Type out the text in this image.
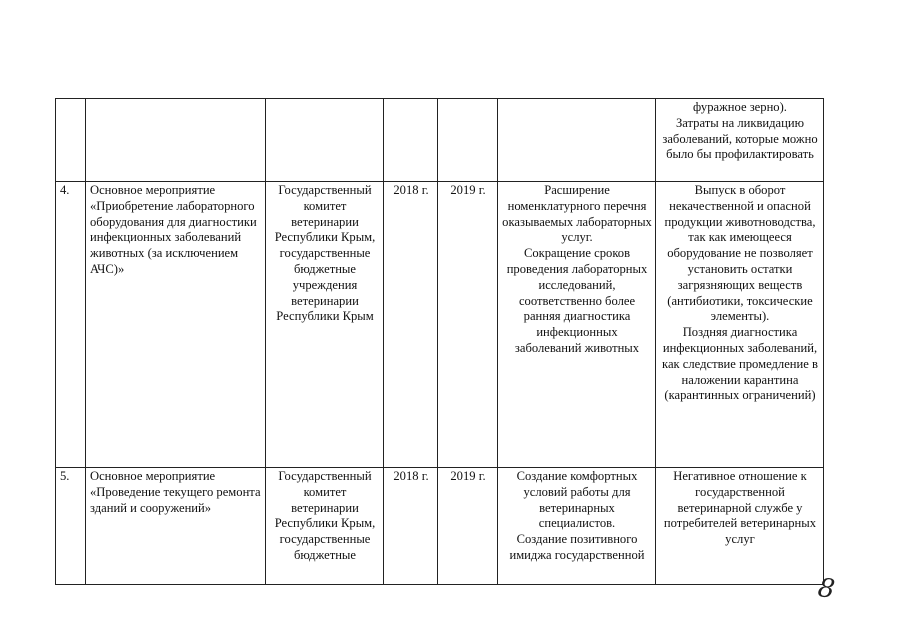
						фуражное зерно).
Затраты на ликвидацию заболеваний, которые можно было бы профилактировать
4.	Основное мероприятие
«Приобретение лабораторного оборудования для диагностики инфекционных заболеваний животных (за исключением АЧС)»	Государственный комитет ветеринарии Республики Крым, государственные бюджетные учреждения ветеринарии Республики Крым	2018 г.	2019 г.	Расширение номенклатурного перечня оказываемых лабораторных услуг.
Сокращение сроков проведения лабораторных исследований, соответственно более ранняя диагностика инфекционных заболеваний животных	Выпуск в оборот некачественной и опасной продукции животноводства, так как имеющееся оборудование не позволяет установить остатки загрязняющих веществ (антибиотики, токсические элементы).
Поздняя диагностика инфекционных заболеваний, как следствие промедление в наложении карантина (карантинных ограничений)
5.	Основное мероприятие
«Проведение текущего ремонта зданий и сооружений»	Государственный комитет ветеринарии Республики Крым, государственные бюджетные	2018 г.	2019 г.	Создание комфортных условий работы для ветеринарных специалистов.
Создание позитивного имиджа государственной	Негативное отношение к государственной ветеринарной службе у потребителей ветеринарных услуг
8
